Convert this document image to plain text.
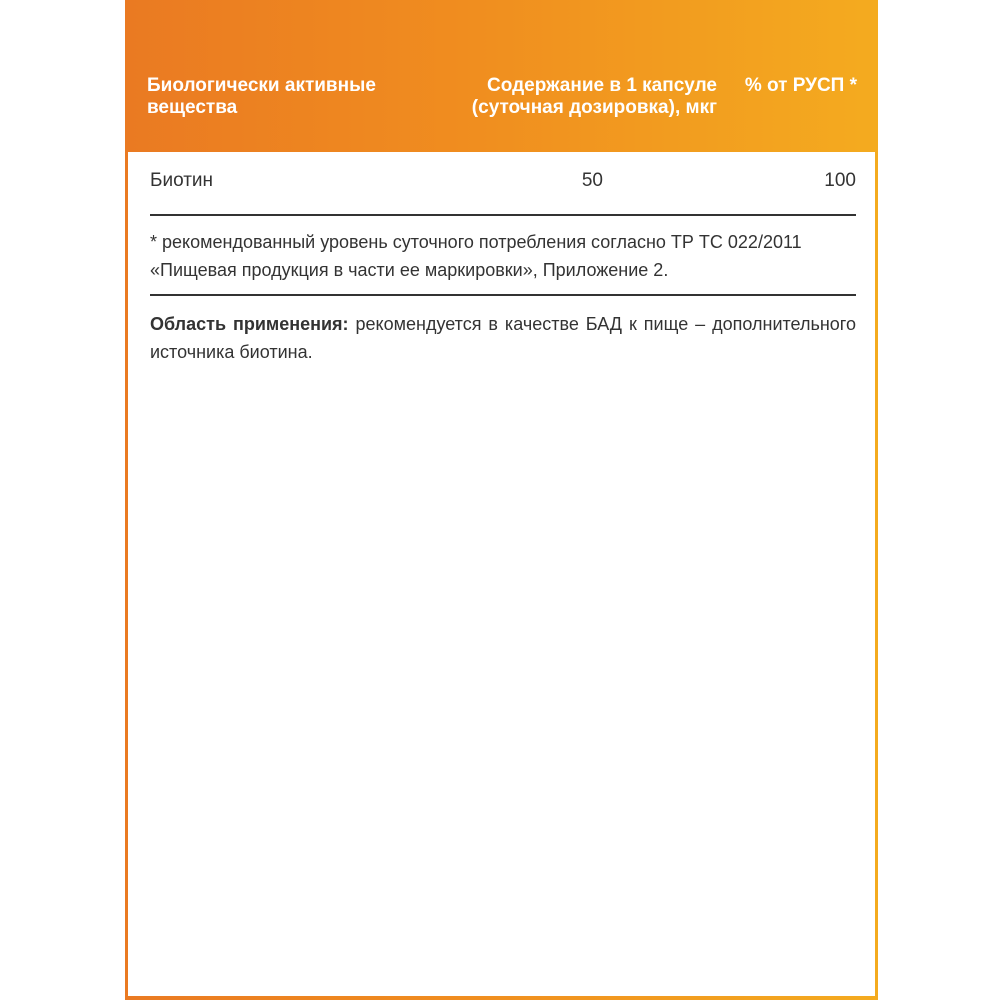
Биологически активные вещества
Содержание в 1 капсуле (суточная дозировка), мкг
% от РУСП *
Биотин	50	100
* рекомендованный уровень суточного потребления согласно ТР ТС 022/2011 «Пищевая продукция в части ее маркировки», Приложение 2.
Область применения: рекомендуется в качестве БАД к пище – дополнительного источника биотина.
